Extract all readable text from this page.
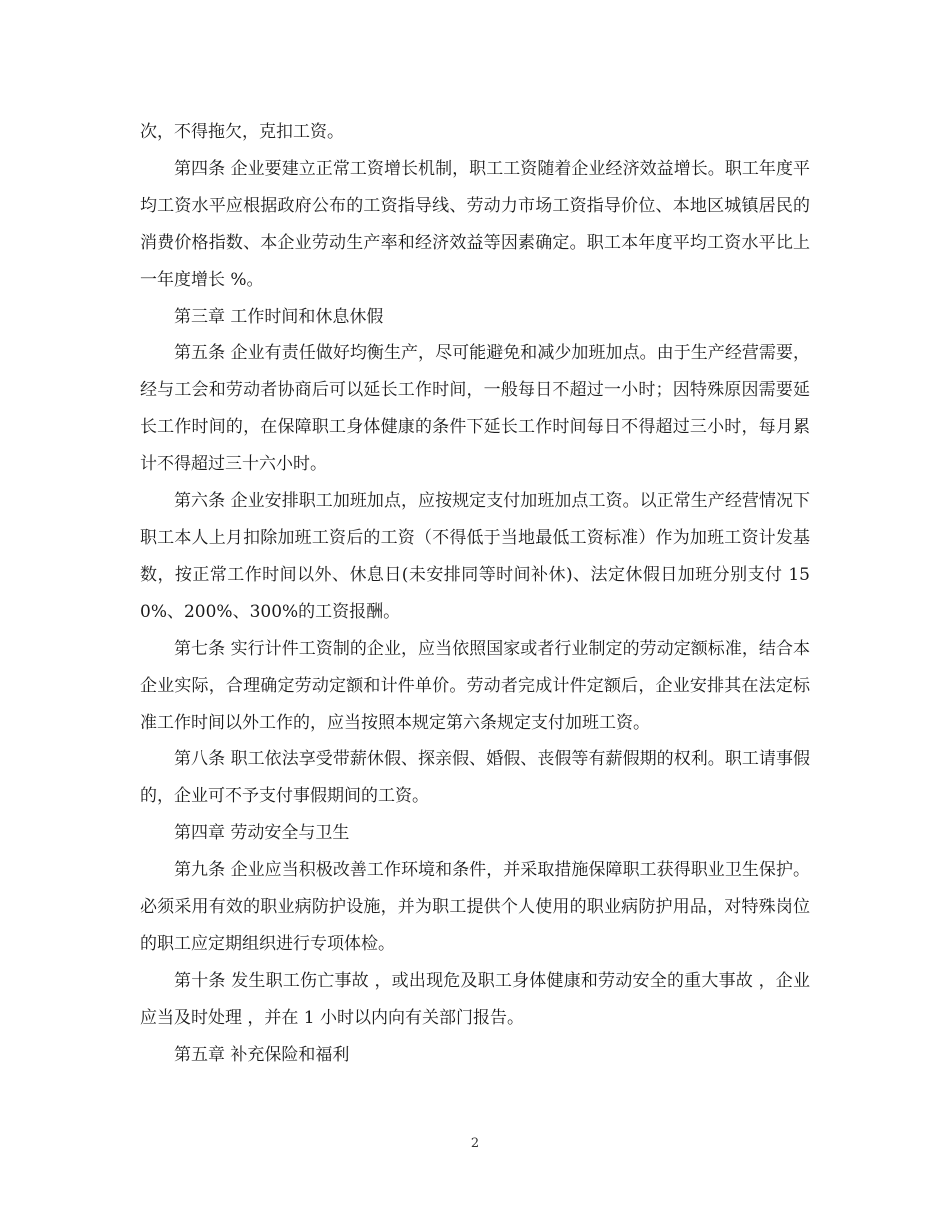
次，不得拖欠，克扣工资。

第四条 企业要建立正常工资增长机制，职工工资随着企业经济效益增长。职工年度平均工资水平应根据政府公布的工资指导线、劳动力市场工资指导价位、本地区城镇居民的消费价格指数、本企业劳动生产率和经济效益等因素确定。职工本年度平均工资水平比上一年度增长 %。

第三章 工作时间和休息休假

第五条 企业有责任做好均衡生产，尽可能避免和减少加班加点。由于生产经营需要，经与工会和劳动者协商后可以延长工作时间，一般每日不超过一小时；因特殊原因需要延长工作时间的，在保障职工身体健康的条件下延长工作时间每日不得超过三小时，每月累计不得超过三十六小时。

第六条 企业安排职工加班加点，应按规定支付加班加点工资。以正常生产经营情况下职工本人上月扣除加班工资后的工资（不得低于当地最低工资标准）作为加班工资计发基数，按正常工作时间以外、休息日(未安排同等时间补休)、法定休假日加班分别支付 150%、200%、300%的工资报酬。

第七条 实行计件工资制的企业，应当依照国家或者行业制定的劳动定额标准，结合本企业实际，合理确定劳动定额和计件单价。劳动者完成计件定额后，企业安排其在法定标准工作时间以外工作的，应当按照本规定第六条规定支付加班工资。

第八条 职工依法享受带薪休假、探亲假、婚假、丧假等有薪假期的权利。职工请事假的，企业可不予支付事假期间的工资。

第四章 劳动安全与卫生

第九条 企业应当积极改善工作环境和条件，并采取措施保障职工获得职业卫生保护。必须采用有效的职业病防护设施，并为职工提供个人使用的职业病防护用品，对特殊岗位的职工应定期组织进行专项体检。

第十条 发生职工伤亡事故 ，或出现危及职工身体健康和劳动安全的重大事故 ，企业应当及时处理 ，并在 1 小时以内向有关部门报告。

第五章 补充保险和福利

2
